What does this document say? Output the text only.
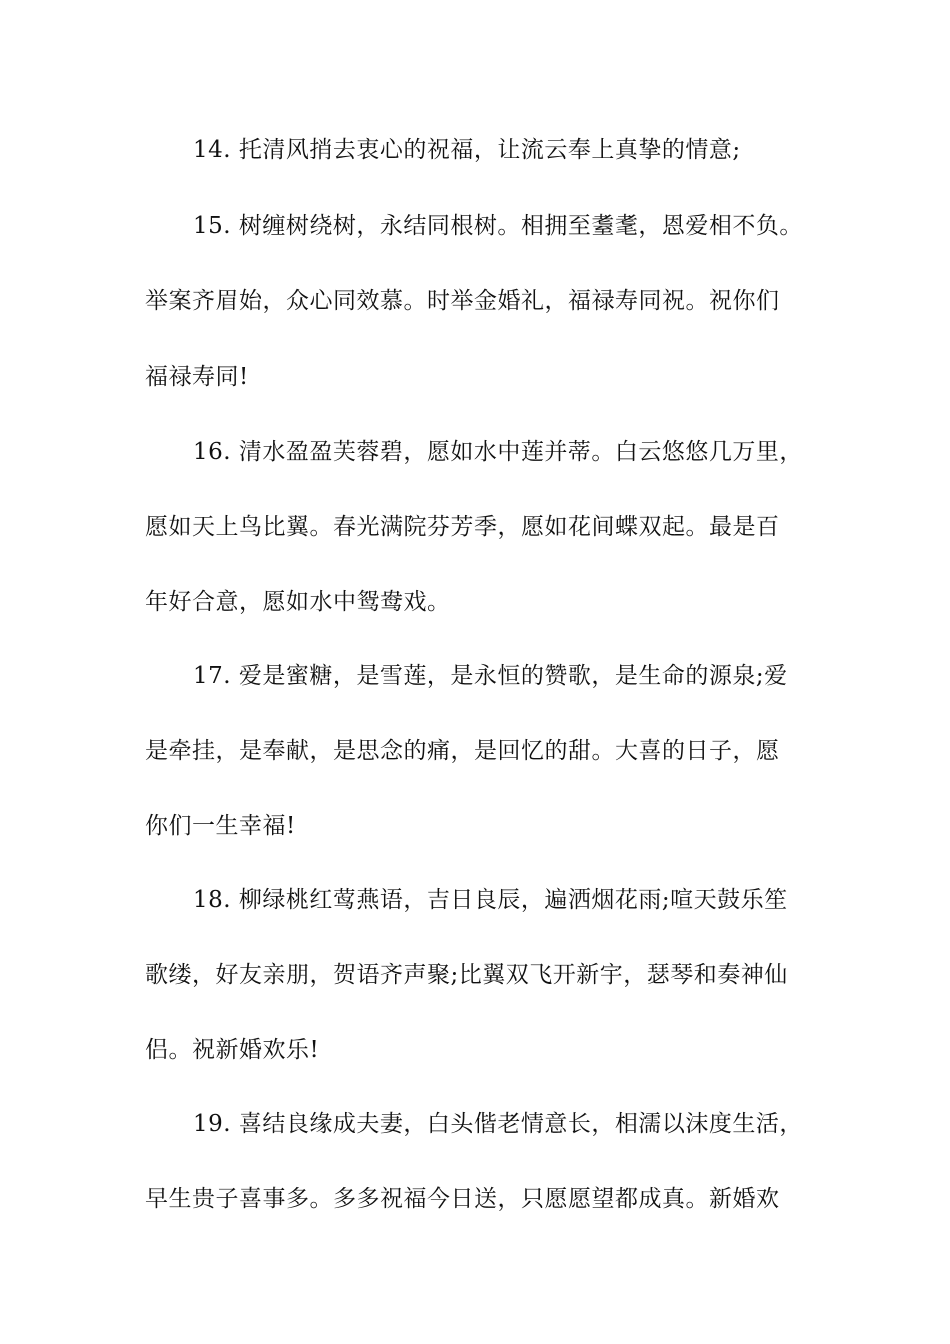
14. 托清风捎去衷心的祝福，让流云奉上真挚的情意;
15. 树缠树绕树，永结同根树。相拥至耋耄，恩爱相不负。
举案齐眉始，众心同效慕。时举金婚礼，福禄寿同祝。祝你们
福禄寿同!
16. 清水盈盈芙蓉碧，愿如水中莲并蒂。白云悠悠几万里，
愿如天上鸟比翼。春光满院芬芳季，愿如花间蝶双起。最是百
年好合意，愿如水中鸳鸯戏。
17. 爱是蜜糖，是雪莲，是永恒的赞歌，是生命的源泉;爱
是牵挂，是奉献，是思念的痛，是回忆的甜。大喜的日子，愿
你们一生幸福!
18. 柳绿桃红莺燕语，吉日良辰，遍洒烟花雨;喧天鼓乐笙
歌缕，好友亲朋，贺语齐声聚;比翼双飞开新宇，瑟琴和奏神仙
侣。祝新婚欢乐!
19. 喜结良缘成夫妻，白头偕老情意长，相濡以沫度生活，
早生贵子喜事多。多多祝福今日送，只愿愿望都成真。新婚欢
